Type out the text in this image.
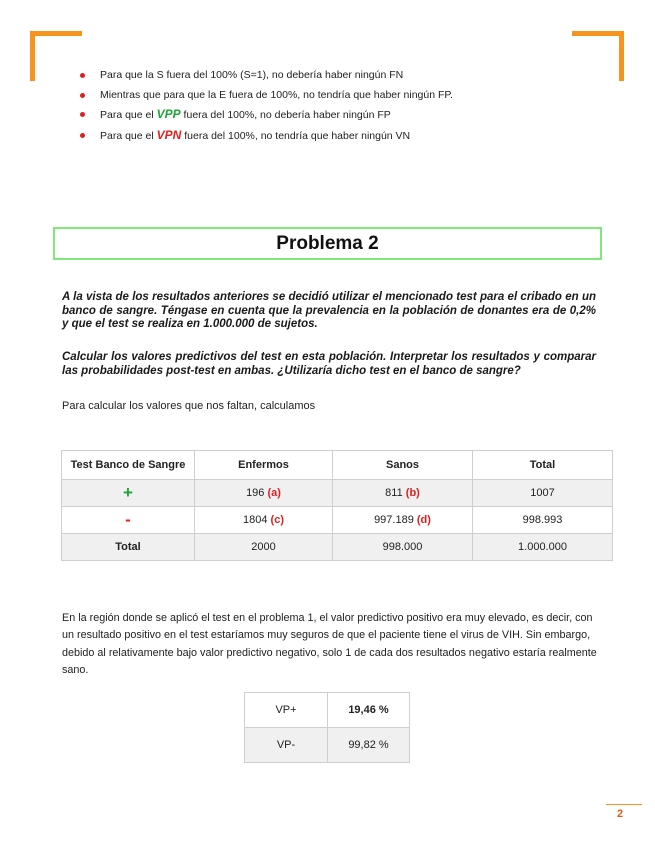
Para que la S fuera del 100% (S=1), no debería haber ningún FN
Mientras que para que la E fuera de 100%, no tendría que haber ningún FP.
Para que el VPP fuera del 100%, no debería haber ningún FP
Para que el VPN fuera del 100%, no tendría que haber ningún VN
Problema 2
A la vista de los resultados anteriores se decidió utilizar el mencionado test para el cribado en un banco de sangre. Téngase en cuenta que la prevalencia en la población de donantes era de 0,2% y que el test se realiza en 1.000.000 de sujetos.
Calcular los valores predictivos del test en esta población. Interpretar los resultados y comparar las probabilidades post-test en ambas. ¿Utilizaría dicho test en el banco de sangre?
Para calcular los valores que nos faltan, calculamos
Test Banco de Sangre	Enfermos	Sanos	Total
+	196 (a)	811 (b)	1007
-	1804 (c)	997.189 (d)	998.993
Total	2000	998.000	1.000.000
En la región donde se aplicó el test en el problema 1, el valor predictivo positivo era muy elevado, es decir, con un resultado positivo en el test estaríamos muy seguros de que el paciente tiene el virus de VIH. Sin embargo, debido al relativamente bajo valor predictivo negativo, solo 1 de cada dos resultados negativo estaría realmente sano.
VP+	19,46 %
VP-	99,82 %
2
